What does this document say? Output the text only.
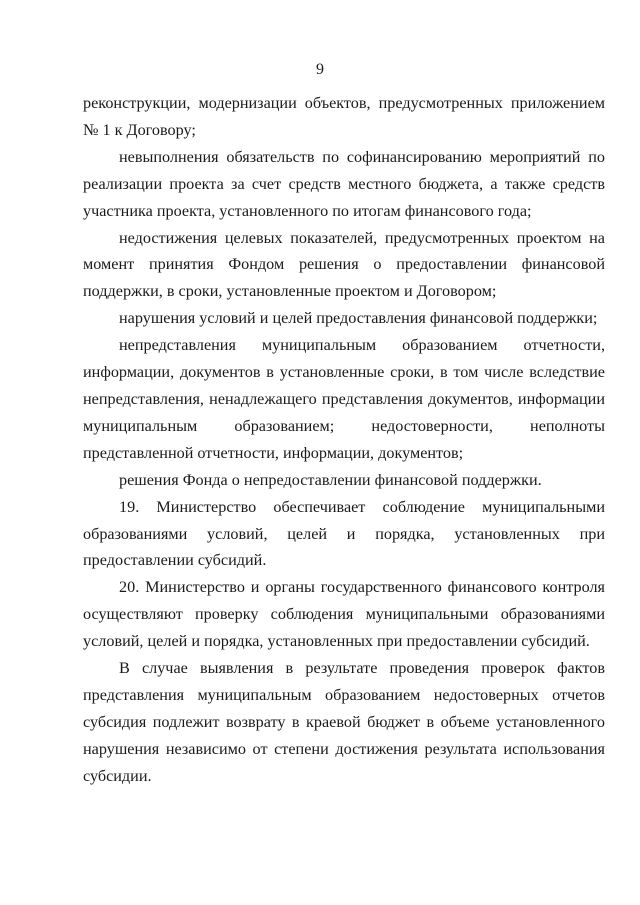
9

реконструкции, модернизации объектов, предусмотренных приложением № 1 к Договору;

невыполнения обязательств по софинансированию мероприятий по реализации проекта за счет средств местного бюджета, а также средств участника проекта, установленного по итогам финансового года;

недостижения целевых показателей, предусмотренных проектом на момент принятия Фондом решения о предоставлении финансовой поддержки, в сроки, установленные проектом и Договором;

нарушения условий и целей предоставления финансовой поддержки;

непредставления муниципальным образованием отчетности, информации, документов в установленные сроки, в том числе вследствие непредставления, ненадлежащего представления документов, информации муниципальным образованием; недостоверности, неполноты представленной отчетности, информации, документов;

решения Фонда о непредоставлении финансовой поддержки.

19. Министерство обеспечивает соблюдение муниципальными образованиями условий, целей и порядка, установленных при предоставлении субсидий.

20. Министерство и органы государственного финансового контроля осуществляют проверку соблюдения муниципальными образованиями условий, целей и порядка, установленных при предоставлении субсидий.

В случае выявления в результате проведения проверок фактов представления муниципальным образованием недостоверных отчетов субсидия подлежит возврату в краевой бюджет в объеме установленного нарушения независимо от степени достижения результата использования субсидии.
